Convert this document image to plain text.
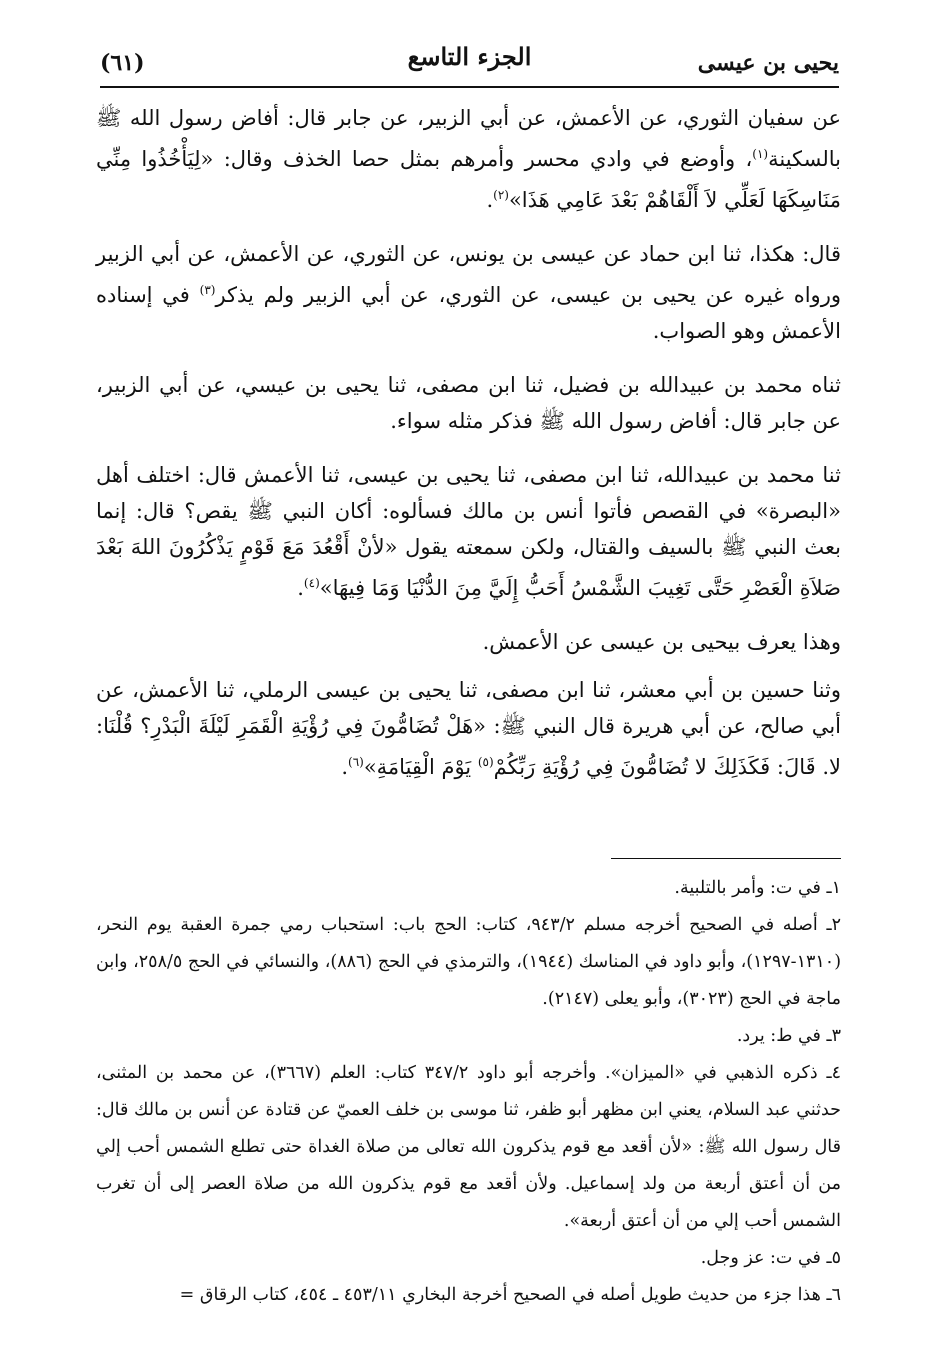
يحيى بن عيسى
الجزء التاسع
(٦١)

عن سفيان الثوري، عن الأعمش، عن أبي الزبير، عن جابر قال: أفاض رسول الله ﷺ بالسكينة$^{(١)}$، وأوضع في وادي محسر وأمرهم بمثل حصا الخذف وقال: «لِيَأْخُذُوا مِنِّي مَنَاسِكَهَا لَعَلِّي لاَ أَلْقَاهُمْ بَعْدَ عَامِي هَذَا»$^{(٢)}$.

قال: هكذا، ثنا ابن حماد عن عيسى بن يونس، عن الثوري، عن الأعمش، عن أبي الزبير ورواه غيره عن يحيى بن عيسى، عن الثوري، عن أبي الزبير ولم يذكر$^{(٣)}$ في إسناده الأعمش وهو الصواب.

ثناه محمد بن عبيدالله بن فضيل، ثنا ابن مصفى، ثنا يحيى بن عيسي، عن أبي الزبير، عن جابر قال: أفاض رسول الله ﷺ فذكر مثله سواء.

ثنا محمد بن عبيدالله، ثنا ابن مصفى، ثنا يحيى بن عيسى، ثنا الأعمش قال: اختلف أهل «البصرة» في القصص فأتوا أنس بن مالك فسألوه: أكان النبي ﷺ يقص؟ قال: إنما بعث النبي ﷺ بالسيف والقتال، ولكن سمعته يقول «لأنْ أَقْعُدَ مَعَ قَوْمٍ يَذْكُرُونَ اللهَ بَعْدَ صَلاَةِ الْعَصْرِ حَتَّى تَغِيبَ الشَّمْسُ أَحَبُّ إِلَيَّ مِنَ الدُّنْيَا وَمَا فِيهَا»$^{(٤)}$.

وهذا يعرف بيحيى بن عيسى عن الأعمش.

وثنا حسين بن أبي معشر، ثنا ابن مصفى، ثنا يحيى بن عيسى الرملي، ثنا الأعمش، عن أبي صالح، عن أبي هريرة قال النبي ﷺ: «هَلْ تُضَامُّونَ فِي رُؤْيَةِ الْقَمَرِ لَيْلَةَ الْبَدْرِ؟ قُلْنَا: لا. قَالَ: فَكَذَلِكَ لا تُضَامُّونَ فِي رُؤْيَةِ رَبِّكُمْ$^{(٥)}$ يَوْمَ الْقِيَامَةِ»$^{(٦)}$.

١ـ في ت: وأمر بالتلبية.

٢ـ أصله في الصحيح أخرجه مسلم ٩٤٣/٢، كتاب: الحج باب: استحباب رمي جمرة العقبة يوم النحر، (١٣١٠-١٢٩٧)، وأبو داود في المناسك (١٩٤٤)، والترمذي في الحج (٨٨٦)، والنسائي في الحج ٢٥٨/٥، وابن ماجة في الحج (٣٠٢٣)، وأبو يعلى (٢١٤٧).

٣ـ في ط: يرد.

٤ـ ذكره الذهبي في «الميزان». وأخرجه أبو داود ٣٤٧/٢ كتاب: العلم (٣٦٦٧)، عن محمد بن المثنى، حدثني عبد السلام، يعني ابن مظهر أبو ظفر، ثنا موسى بن خلف العميّ عن قتادة عن أنس بن مالك قال: قال رسول الله ﷺ: «لأن أقعد مع قوم يذكرون الله تعالى من صلاة الغداة حتى تطلع الشمس أحب إلي من أن أعتق أربعة من ولد إسماعيل. ولأن أقعد مع قوم يذكرون الله من صلاة العصر إلى أن تغرب الشمس أحب إلي من أن أعتق أربعة».

٥ـ في ت: عز وجل.

٦ـ هذا جزء من حديث طويل أصله في الصحيح أخرجة البخاري ٤٥٣/١١ ـ ٤٥٤، كتاب الرقاق =
